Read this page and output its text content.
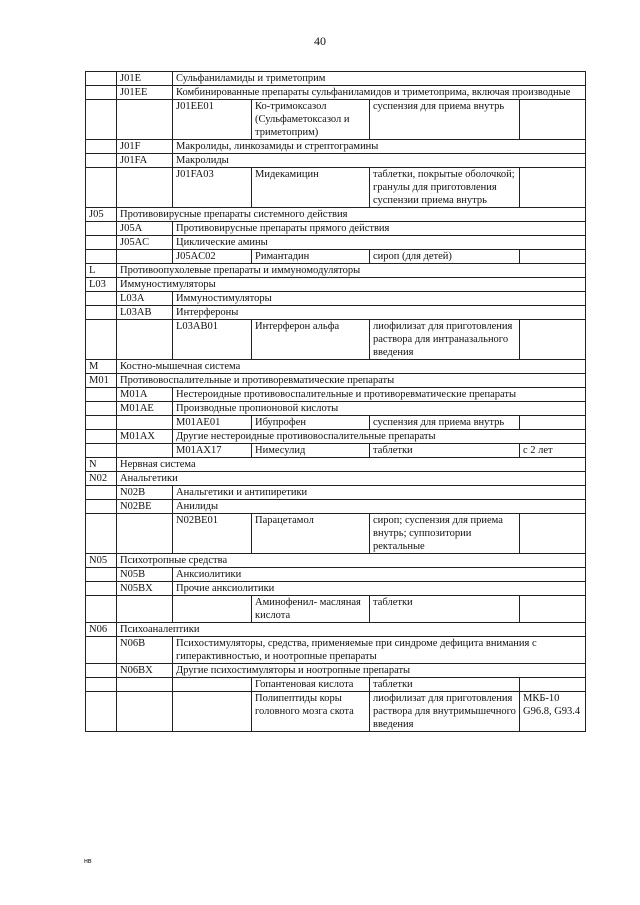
40
	J01E	Сульфаниламиды и триметоприм			
	J01EE	Комбинированные препараты сульфаниламидов и триметоприма, включая производные			
		J01EE01	Ко-тримоксазол (Сульфаметоксазол и триметоприм)	суспензия для приема внутрь	
	J01F	Макролиды, линкозамиды и стрептограмины			
	J01FA	Макролиды			
		J01FA03	Мидекамицин	таблетки, покрытые оболочкой; гранулы для приготовления суспензии приема внутрь	
J05	Противовирусные препараты системного действия				
	J05A	Противовирусные препараты прямого действия			
	J05AC	Циклические амины			
		J05AC02	Римантадин	сироп (для детей)	
L	Противоопухолевые препараты и иммуномодуляторы				
L03	Иммуностимуляторы				
	L03A	Иммуностимуляторы			
	L03AB	Интерфероны			
		L03AB01	Интерферон альфа	лиофилизат для приготовления раствора для интраназального введения	
M	Костно-мышечная система				
M01	Противовоспалительные и противоревматические препараты				
	M01A	Нестероидные противовоспалительные и противоревматические препараты			
	M01AE	Производные пропионовой кислоты			
		M01AE01	Ибупрофен	суспензия для приема внутрь	
	M01AX	Другие нестероидные противовоспалительные препараты			
		M01AX17	Нимесулид	таблетки	с 2 лет
N	Нервная система				
N02	Анальгетики				
	N02B	Анальгетики и антипиретики			
	N02BE	Анилиды			
		N02BE01	Парацетамол	сироп; суспензия для приема внутрь; суппозитории ректальные	
N05	Психотропные средства				
	N05B	Анксиолитики			
	N05BX	Прочие анксиолитики			
			Аминофенил- масляная кислота	таблетки	
N06	Психоаналептики				
	N06B	Психостимуляторы, средства, применяемые при синдроме дефицита внимания с гиперактивностью, и ноотропные препараты			
	N06BX	Другие психостимуляторы и ноотропные препараты			
			Гопантеновая кислота	таблетки	
			Полипептиды коры головного мозга скота	лиофилизат для приготовления раствора для внутримышечного введения	МКБ-10 G96.8, G93.4
нв
